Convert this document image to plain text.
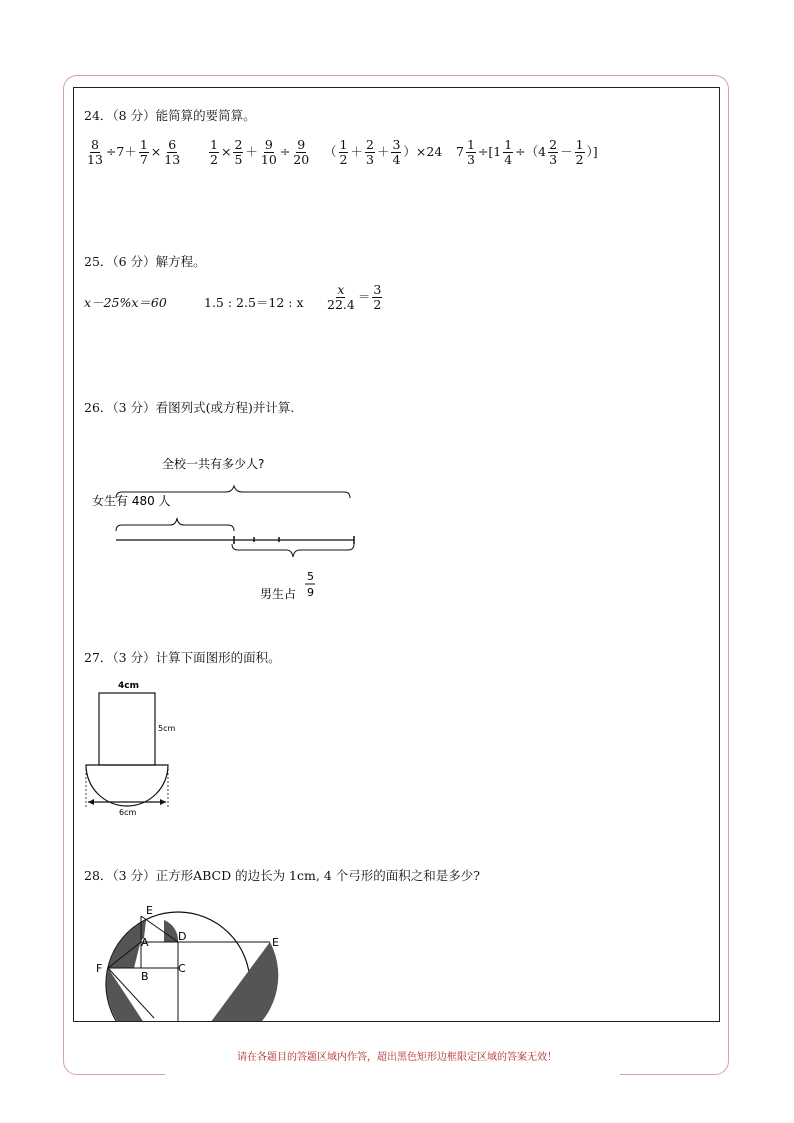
24．（8 分）能简算的要简算。
$\frac{8}{13} \div 7+ \frac{1}{7} \times \frac{6}{13} \frac{1}{2} \times \frac{2}{5} + \frac{9}{10} \div \frac{9}{20}$ （ $\frac{1}{2} + \frac{2}{3} + \frac{3}{4} )\times 24$ $7 \frac{1}{3} \div[1 \frac{1}{4} \div(4 \frac{2}{3} - \frac{1}{2}$ ）]
25．（6 分）解方程。
x－25%x＝60	1.5 : 2.5＝12 : x $\frac{x}{22.4} = \frac{3}{2}$
26．（3 分）看图列式(或方程)并计算.
全校一共有多少人?
女生有 480 人
男生占
5
9
27．（3 分）计算下面图形的面积。
4cm
5cm
6cm
28．（3 分）正方形ABCD 的边长为 1cm, 4 个弓形的面积之和是多少?
E
A	D	E
F
B
C
请在各题目的答题区域内作答，超出黑色矩形边框限定区域的答案无效！
